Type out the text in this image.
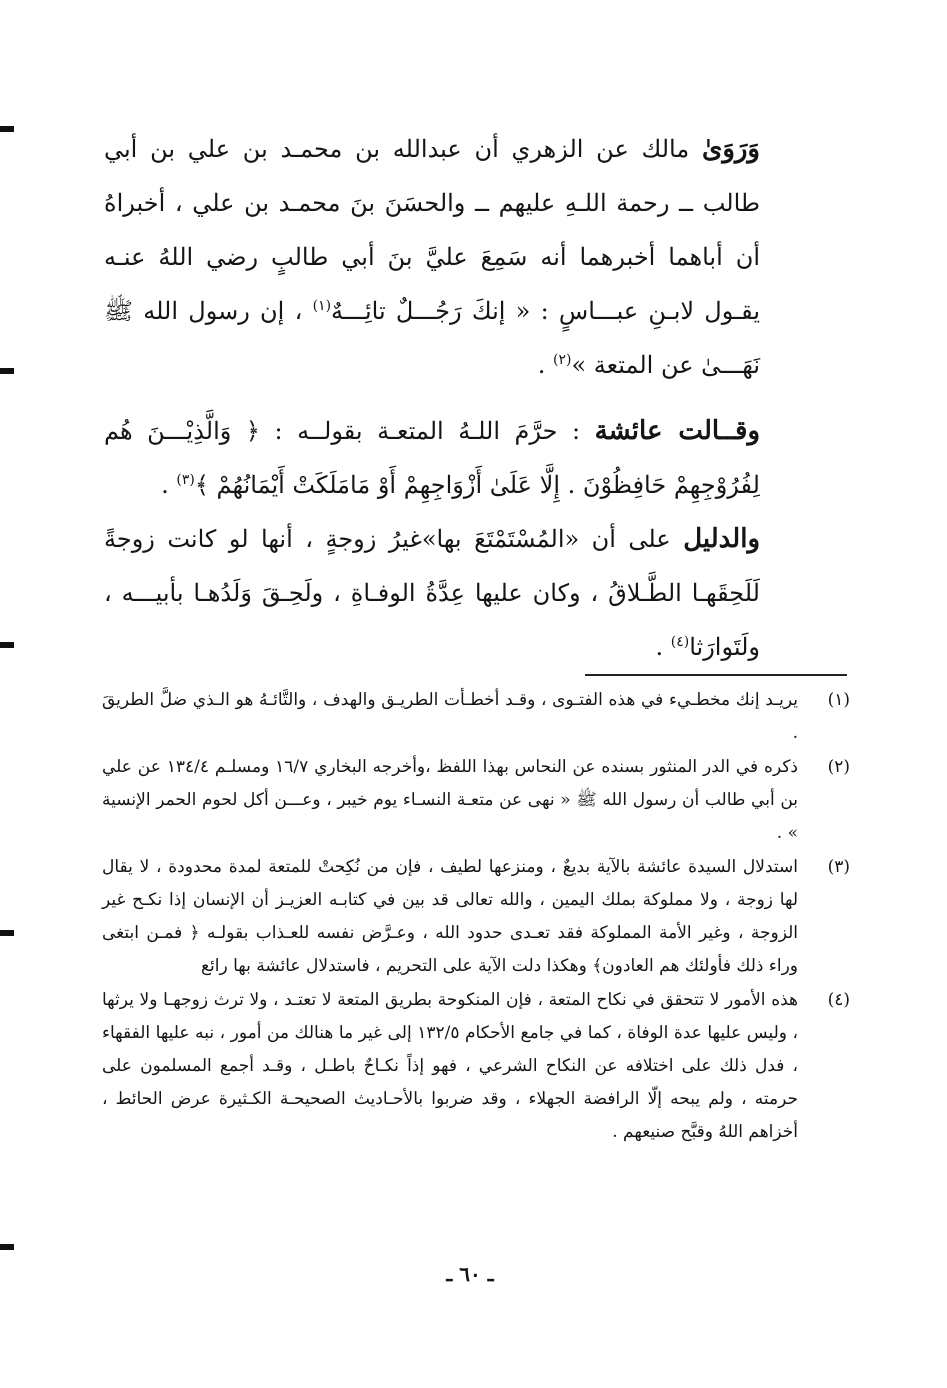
وَرَوَىٰ مالك عن الزهري أن عبدالله بن محمـد بن علي بن أبي طالب ــ رحمة اللـهِ عليهم ــ والحسَنَ بنَ محمـد بن علي ، أخبراهُ أن أباهما أخبرهما أنه سَمِعَ عليَّ بنَ أبي طالبٍ رضي اللهُ عنـه يقـول لابـنِ عبـــاسٍ : « إنكَ رَجُـــلٌ تائِـــهٌ$^{(١)}$ ، إن رسول الله ﷺ نَهَـــىٰ عن المتعة »$^{(٢)}$ .

وقــالت عائشة : حرَّمَ اللـهُ المتعـة بقولــه : ﴿ وَالَّذِيْـــنَ هُم لِفُرُوْجِهِمْ حَافِظُوْنَ . إِلَّا عَلَىٰ أَزْوَاجِهِمْ أَوْ مَامَلَكَتْ أَيْمَانُهُمْ ﴾$^{(٣)}$ .

والدليل على أن «المُسْتَمْتَعَ بها»غيرُ زوجةٍ ، أنها لو كانت زوجةً لَلَحِقَهـا الطَّـلاقُ ، وكان عليها عِدَّةُ الوفـاةِ ، ولَحِـقَ وَلَدُهـا بأبيـــه ، ولَتَوارَثا$^{(٤)}$ .

(١)
يريـد إنك مخطـيء في هذه الفتـوى ، وقـد أخطـأت الطريـق والهدف ، والتَّائـهُ هو الـذي ضلَّ الطريقَ .
(٢)
ذكره في الدر المنثور بسنده عن النحاس بهذا اللفظ ،وأخرجه البخاري ١٦/٧ ومسلـم ١٣٤/٤ عن علي بن أبي طالب أن رسول الله ﷺ « نهى عن متعـة النسـاء يوم خيبر ، وعـــن أكل لحوم الحمر الإنسية » .
(٣)
استدلال السيدة عائشة بالآية بديعٌ ، ومنزعها لطيف ، فإن من نُكِحتْ للمتعة لمدة محدودة ، لا يقال لها زوجة ، ولا مملوكة بملك اليمين ، والله تعالى قد بين في كتابـه العزيـز أن الإنسان إذا نكـح غير الزوجة ، وغير الأمة المملوكة فقد تعـدى حدود الله ، وعـرَّض نفسه للعـذاب بقولـه ﴿ فمـن ابتغى وراء ذلك فأولئك هم العادون﴾ وهكذا دلت الآية على التحريم ، فاستدلال عائشة بها رائع
(٤)
هذه الأمور لا تتحقق في نكاح المتعة ، فإن المنكوحة بطريق المتعة لا تعتـد ، ولا ترث زوجهـا ولا يرثها ، وليس عليها عدة الوفاة ، كما في جامع الأحكام ١٣٢/٥ إلى غير ما هنالك من أمور ، نبه عليها الفقهاء ، فدل ذلك على اختلافه عن النكاح الشرعي ، فهو إذاً نكـاحٌ باطـل ، وقـد أجمع المسلمون على حرمته ، ولم يبحه إلّا الرافضة الجهلاء ، وقد ضربوا بالأحـاديث الصحيحـة الكـثيرة عرض الحائط ، أخزاهم اللهُ وقبَّح صنيعهم .
ـ ٦٠ ـ
